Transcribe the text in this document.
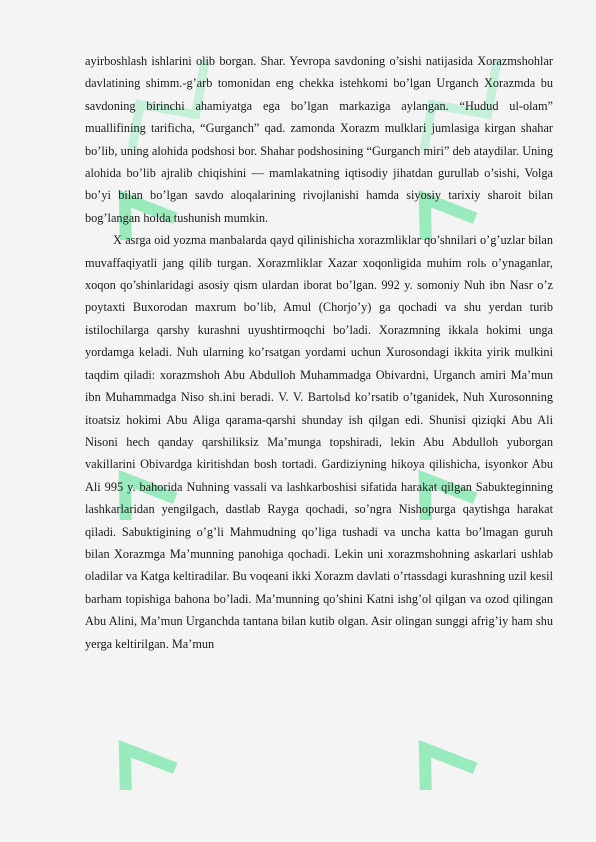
ayirboshlash ishlarini olib borgan. Shar. Yevropa savdoning o’sishi natijasida Xorazmshohlar davlatining shimm.-g’arb tomonidan eng chekka istehkomi bo’lgan Urganch Xorazmda bu savdoning birinchi ahamiyatga ega bo’lgan markaziga aylangan. “Hudud ul-olam” muallifining tarificha, “Gurganch” qad. zamonda Xorazm mulklari jumlasiga kirgan shahar bo’lib, uning alohida podshosi bor. Shahar podshosining “Gurganch miri” deb ataydilar. Uning alohida bo’lib ajralib chiqishini — mamlakatning iqtisodiy jihatdan gurullab o’sishi, Volga bo’yi bilan bo’lgan savdo aloqalarining rivojlanishi hamda siyosiy tarixiy sharoit bilan bog’langan holda tushunish mumkin.

X asrga oid yozma manbalarda qayd qilinishicha xorazmliklar qo’shnilari o’g’uzlar bilan muvaffaqiyatli jang qilib turgan. Xorazmliklar Xazar xoqonligida muhim rolь o’ynaganlar, xoqon qo’shinlaridagi asosiy qism ulardan iborat bo’lgan. 992 y. somoniy Nuh ibn Nasr o’z poytaxti Buxorodan maxrum bo’lib, Amul (Chorjo’y) ga qochadi va shu yerdan turib istilochilarga qarshy kurashni uyushtirmoqchi bo’ladi. Xorazmning ikkala hokimi unga yordamga keladi. Nuh ularning ko’rsatgan yordami uchun Xurosondagi ikkita yirik mulkini taqdim qiladi: xorazmshoh Abu Abdulloh Muhammadga Obivardni, Urganch amiri Ma’mun ibn Muhammadga Niso sh.ini beradi. V. V. Bartolьd ko’rsatib o’tganidek, Nuh Xurosonning itoatsiz hokimi Abu Aliga qarama-qarshi shunday ish qilgan edi. Shunisi qiziqki Abu Ali Nisoni hech qanday qarshiliksiz Ma’munga topshiradi, lekin Abu Abdulloh yuborgan vakillarini Obivardga kiritishdan bosh tortadi. Gardiziyning hikoya qilishicha, isyonkor Abu Ali 995 y. bahorida Nuhning vassali va lashkarboshisi sifatida harakat qilgan Sabukteginning lashkarlaridan yengilgach, dastlab Rayga qochadi, so’ngra Nishopurga qaytishga harakat qiladi. Sabuktigining o’g’li Mahmudning qo’liga tushadi va uncha katta bo’lmagan guruh bilan Xorazmga Ma’munning panohiga qochadi. Lekin uni xorazmshohning askarlari ushlab oladilar va Katga keltiradilar. Bu voqeani ikki Xorazm davlati o’rtassdagi kurashning uzil kesil barham topishiga bahona bo’ladi. Ma’munning qo’shini Katni ishg’ol qilgan va ozod qilingan Abu Alini, Ma’mun Urganchda tantana bilan kutib olgan. Asir olingan sunggi afrig’iy ham shu yerga keltirilgan. Ma’mun
